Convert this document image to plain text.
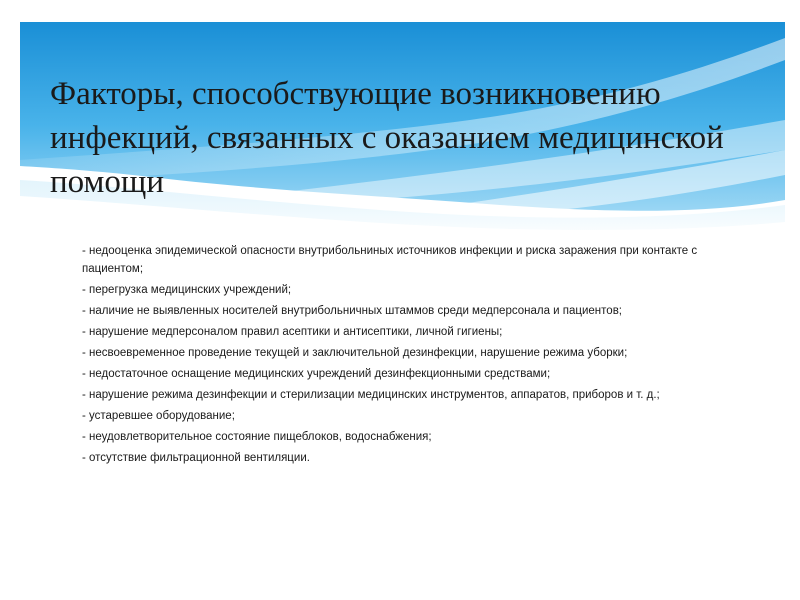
Факторы, способствующие возникновению инфекций, связанных с оказанием медицинской помощи
- недооценка эпидемической опасности внутрибольниных источников инфекции и риска заражения при контакте с пациентом;
- перегрузка медицинских учреждений;
- наличие не выявленных носителей внутрибольничных штаммов среди медперсонала и пациентов;
- нарушение медперсоналом правил асептики и антисептики, личной гигиены;
- несвоевременное проведение текущей и заключительной дезинфекции, нарушение режима уборки;
- недостаточное оснащение медицинских учреждений дезинфекционными средствами;
- нарушение режима дезинфекции и стерилизации медицинских инструментов, аппаратов, приборов и т. д.;
- устаревшее оборудование;
- неудовлетворительное состояние пищеблоков, водоснабжения;
- отсутствие фильтрационной вентиляции.
